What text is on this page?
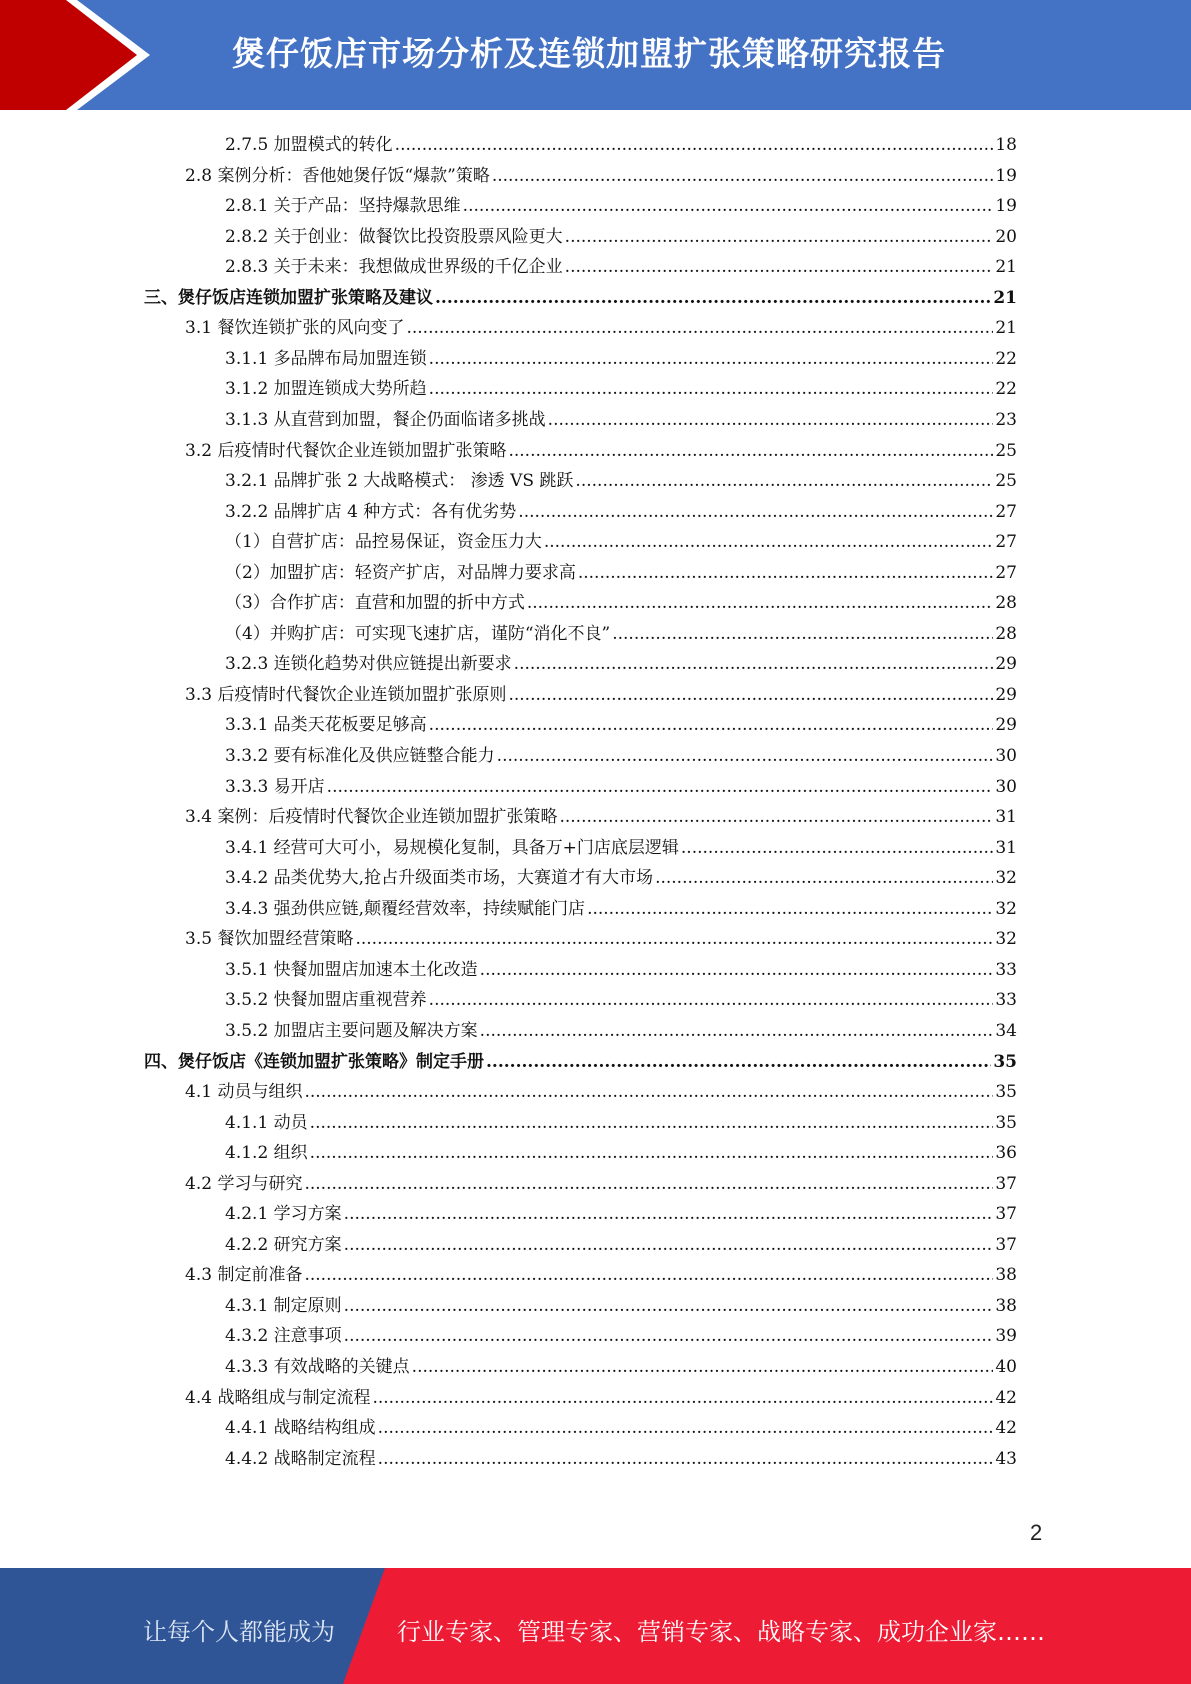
煲仔饭店市场分析及连锁加盟扩张策略研究报告
2.7.5 加盟模式的转化 .....	18
2.8 案例分析：香他她煲仔饭“爆款”策略 .....	19
2.8.1 关于产品：坚持爆款思维 .....	19
2.8.2 关于创业：做餐饮比投资股票风险更大 .....	20
2.8.3 关于未来：我想做成世界级的千亿企业 .....	21
三、煲仔饭店连锁加盟扩张策略及建议 .....	21
3.1 餐饮连锁扩张的风向变了 .....	21
3.1.1 多品牌布局加盟连锁 .....	22
3.1.2 加盟连锁成大势所趋 .....	22
3.1.3 从直营到加盟，餐企仍面临诸多挑战 .....	23
3.2 后疫情时代餐饮企业连锁加盟扩张策略 .....	25
3.2.1 品牌扩张 2 大战略模式： 渗透 VS 跳跃 .....	25
3.2.2 品牌扩店 4 种方式：各有优劣势 .....	27
（1）自营扩店：品控易保证，资金压力大 .....	27
（2）加盟扩店：轻资产扩店，对品牌力要求高 .....	27
（3）合作扩店：直营和加盟的折中方式 .....	28
（4）并购扩店：可实现飞速扩店，谨防“消化不良” .....	28
3.2.3 连锁化趋势对供应链提出新要求 .....	29
3.3 后疫情时代餐饮企业连锁加盟扩张原则 .....	29
3.3.1 品类天花板要足够高 .....	29
3.3.2 要有标准化及供应链整合能力 .....	30
3.3.3 易开店 .....	30
3.4 案例：后疫情时代餐饮企业连锁加盟扩张策略 .....	31
3.4.1 经营可大可小，易规模化复制，具备万+门店底层逻辑 .....	31
3.4.2 品类优势大,抢占升级面类市场，大赛道才有大市场 .....	32
3.4.3 强劲供应链,颠覆经营效率，持续赋能门店 .....	32
3.5 餐饮加盟经营策略 .....	32
3.5.1 快餐加盟店加速本土化改造 .....	33
3.5.2 快餐加盟店重视营养 .....	33
3.5.2 加盟店主要问题及解决方案 .....	34
四、煲仔饭店《连锁加盟扩张策略》制定手册 .....	35
4.1 动员与组织 .....	35
4.1.1 动员 .....	35
4.1.2 组织 .....	36
4.2 学习与研究 .....	37
4.2.1 学习方案 .....	37
4.2.2 研究方案 .....	37
4.3 制定前准备 .....	38
4.3.1 制定原则 .....	38
4.3.2 注意事项 .....	39
4.3.3 有效战略的关键点 .....	40
4.4 战略组成与制定流程 .....	42
4.4.1 战略结构组成 .....	42
4.4.2 战略制定流程 .....	43
2
让每个人都能成为	行业专家、管理专家、营销专家、战略专家、成功企业家……
